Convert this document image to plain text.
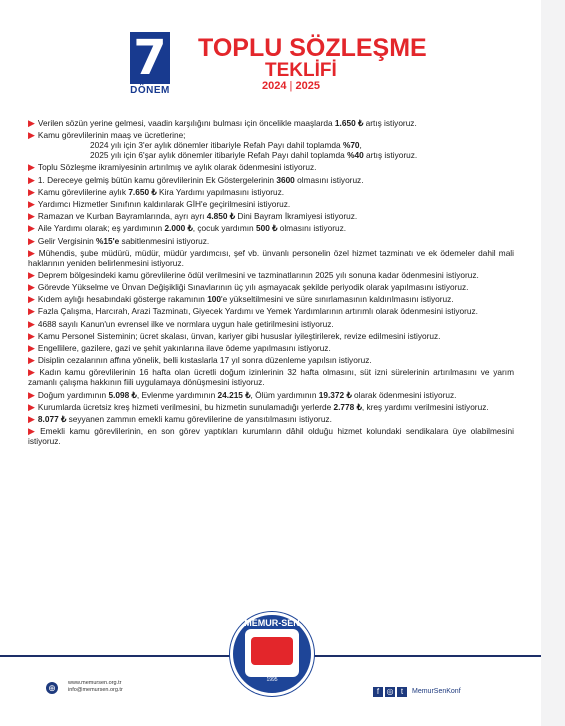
7
DÖNEM
TOPLU SÖZLEŞME
TEKLİFİ
2024 | 2025
▶ Verilen sözün yerine gelmesi, vaadin karşılığını bulması için öncelikle maaşlarda 1.650 ₺ artış istiyoruz.
▶ Kamu görevlilerinin maaş ve ücretlerine;
2024 yılı için 3'er aylık dönemler itibariyle Refah Payı dahil toplamda %70,
2025 yılı için 6'şar aylık dönemler itibariyle Refah Payı dahil toplamda %40 artış istiyoruz.
▶ Toplu Sözleşme ikramiyesinin artırılmış ve aylık olarak ödenmesini istiyoruz.
▶ 1. Dereceye gelmiş bütün kamu görevlilerinin Ek Göstergelerinin 3600 olmasını istiyoruz.
▶ Kamu görevlilerine aylık 7.650 ₺ Kira Yardımı yapılmasını istiyoruz.
▶ Yardımcı Hizmetler Sınıfının kaldırılarak GİH'e geçirilmesini istiyoruz.
▶ Ramazan ve Kurban Bayramlarında, ayrı ayrı 4.850 ₺ Dini Bayram İkramiyesi istiyoruz.
▶ Aile Yardımı olarak; eş yardımının 2.000 ₺, çocuk yardımın 500 ₺ olmasını istiyoruz.
▶ Gelir Vergisinin %15'e sabitlenmesini istiyoruz.
▶ Mühendis, şube müdürü, müdür, müdür yardımcısı, şef vb. ünvanlı personelin özel hizmet tazminatı ve ek ödemeler dahil mali haklarının yeniden belirlenmesini istiyoruz.
▶ Deprem bölgesindeki kamu görevlilerine ödül verilmesini ve tazminatlarının 2025 yılı sonuna kadar ödenmesini istiyoruz.
▶ Görevde Yükselme ve Ünvan Değişikliği Sınavlarının üç yılı aşmayacak şekilde periyodik olarak yapılmasını istiyoruz.
▶ Kıdem aylığı hesabındaki gösterge rakamının 100'e yükseltilmesini ve süre sınırlamasının kaldırılmasını istiyoruz.
▶ Fazla Çalışma, Harcırah, Arazi Tazminatı, Giyecek Yardımı ve Yemek Yardımlarının artırımlı olarak ödenmesini istiyoruz.
▶ 4688 sayılı Kanun'un evrensel ilke ve normlara uygun hale getirilmesini istiyoruz.
▶ Kamu Personel Sisteminin; ücret skalası, ünvan, kariyer gibi hususlar iyileştirilerek, revize edilmesini istiyoruz.
▶ Engellilere, gazilere, gazi ve şehit yakınlarına ilave ödeme yapılmasını istiyoruz.
▶ Disiplin cezalarının affına yönelik, belli kıstaslarla 17 yıl sonra düzenleme yapılsın istiyoruz.
▶ Kadın kamu görevlilerinin 16 hafta olan ücretli doğum izinlerinin 32 hafta olmasını, süt izni sürelerinin artırılmasını ve yarım zamanlı çalışma hakkının fiili uygulamaya dönüşmesini istiyoruz.
▶ Doğum yardımının 5.098 ₺, Evlenme yardımının 24.215 ₺, Ölüm yardımının 19.372 ₺ olarak ödenmesini istiyoruz.
▶ Kurumlarda ücretsiz kreş hizmeti verilmesini, bu hizmetin sunulamadığı yerlerde 2.778 ₺, kreş yardımı verilmesini istiyoruz.
▶ 8.077 ₺ seyyanen zammın emekli kamu görevlilerine de yansıtılmasını istiyoruz.
▶ Emekli kamu görevlilerinin, en son görev yaptıkları kurumların dâhil olduğu hizmet kolundaki sendikalara üye olabilmesini istiyoruz.
MEMUR-SEN
1995
⊕	www.memursen.org.tr
info@memursen.org.tr	f ◎ t MemurSenKonf
